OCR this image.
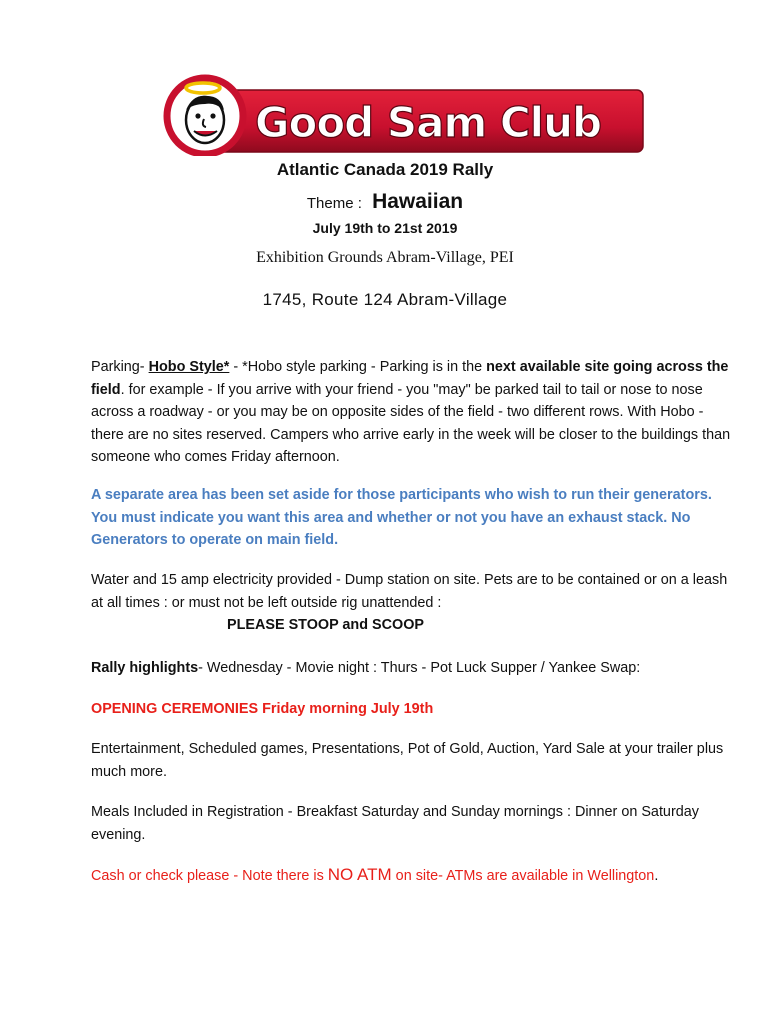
Good Sam Club
Atlantic Canada 2019 Rally
Theme : Hawaiian
July 19th to 21st 2019
Exhibition Grounds Abram-Village, PEI
1745, Route 124 Abram-Village

Parking- Hobo Style* - *Hobo style parking - Parking is in the next available site going across the field. for example - If you arrive with your friend - you "may" be parked tail to tail or nose to nose across a roadway - or you may be on opposite sides of the field - two different rows. With Hobo - there are no sites reserved. Campers who arrive early in the week will be closer to the buildings than someone who comes Friday afternoon.

A separate area has been set aside for those participants who wish to run their generators. You must indicate you want this area and whether or not you have an exhaust stack. No Generators to operate on main field.

Water and 15 amp electricity provided - Dump station on site. Pets are to be contained or on a leash at all times : or must not be left outside rig unattended :

PLEASE STOOP and SCOOP

Rally highlights- Wednesday - Movie night : Thurs - Pot Luck Supper / Yankee Swap:

OPENING CEREMONIES Friday morning July 19th

Entertainment, Scheduled games, Presentations, Pot of Gold, Auction, Yard Sale at your trailer plus much more.

Meals Included in Registration - Breakfast Saturday and Sunday mornings : Dinner on Saturday evening.

Cash or check please - Note there is NO ATM on site- ATMs are available in Wellington.
